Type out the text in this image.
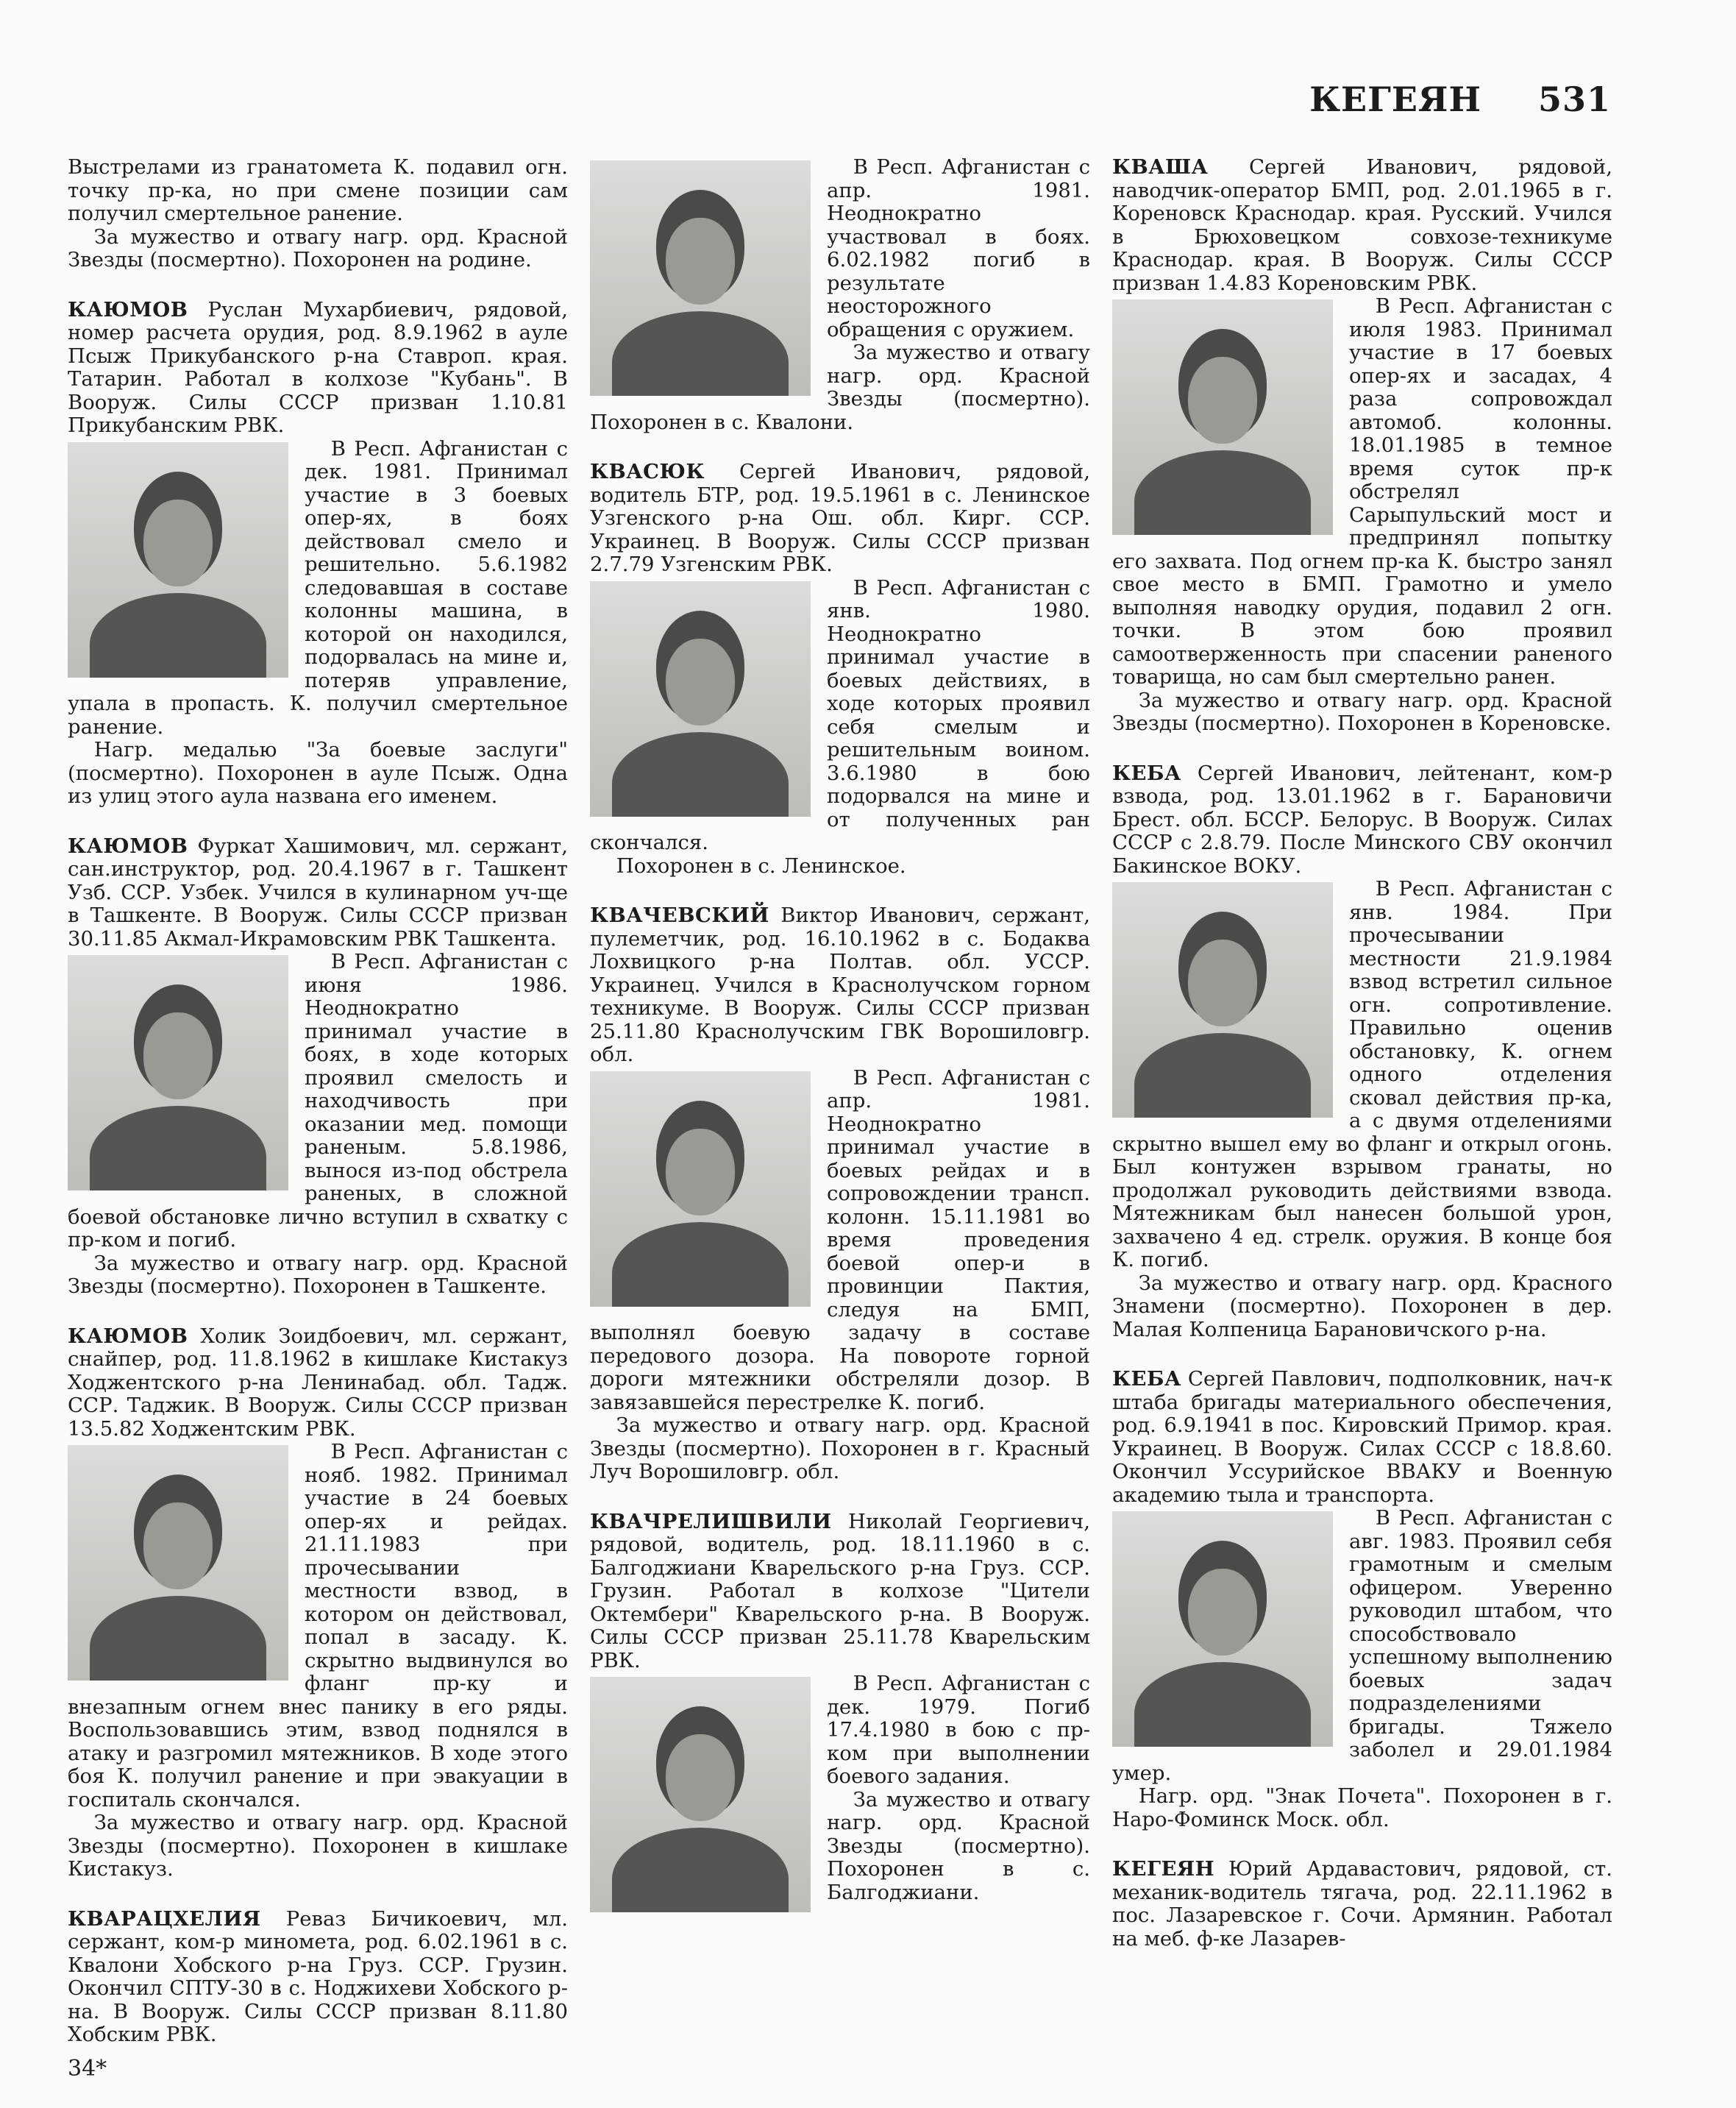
КЕГЕЯН 531

Выстрелами из гранатомета К. подавил огн. точку пр-ка, но при смене позиции сам получил смертельное ранение.

За мужество и отвагу нагр. орд. Красной Звезды (посмертно). Похоронен на родине.

КАЮМОВ Руслан Мухарбиевич, рядовой, номер расчета орудия, род. 8.9.1962 в ауле Псыж Прикубанского р-на Ставроп. края. Татарин. Работал в колхозе "Кубань". В Вооруж. Силы СССР призван 1.10.81 Прикубанским РВК.

В Респ. Афганистан с дек. 1981. Принимал участие в 3 боевых опер-ях, в боях действовал смело и решительно. 5.6.1982 следовавшая в составе колонны машина, в которой он находился, подорвалась на мине и, потеряв управление, упала в пропасть. К. получил смертельное ранение.

Нагр. медалью "За боевые заслуги" (посмертно). Похоронен в ауле Псыж. Одна из улиц этого аула названа его именем.

КАЮМОВ Фуркат Хашимович, мл. сержант, сан.инструктор, род. 20.4.1967 в г. Ташкент Узб. ССР. Узбек. Учился в кулинарном уч-ще в Ташкенте. В Вооруж. Силы СССР призван 30.11.85 Акмал-Икрамовским РВК Ташкента.

В Респ. Афганистан с июня 1986. Неоднократно принимал участие в боях, в ходе которых проявил смелость и находчивость при оказании мед. помощи раненым. 5.8.1986, вынося из-под обстрела раненых, в сложной боевой обстановке лично вступил в схватку с пр-ком и погиб.

За мужество и отвагу нагр. орд. Красной Звезды (посмертно). Похоронен в Ташкенте.

КАЮМОВ Холик Зоидбоевич, мл. сержант, снайпер, род. 11.8.1962 в кишлаке Кистакуз Ходжентского р-на Ленинабад. обл. Тадж. ССР. Таджик. В Вооруж. Силы СССР призван 13.5.82 Ходжентским РВК.

В Респ. Афганистан с нояб. 1982. Принимал участие в 24 боевых опер-ях и рейдах. 21.11.1983 при прочесывании местности взвод, в котором он действовал, попал в засаду. К. скрытно выдвинулся во фланг пр-ку и внезапным огнем внес панику в его ряды. Воспользовавшись этим, взвод поднялся в атаку и разгромил мятежников. В ходе этого боя К. получил ранение и при эвакуации в госпиталь скончался.

За мужество и отвагу нагр. орд. Красной Звезды (посмертно). Похоронен в кишлаке Кистакуз.

КВАРАЦХЕЛИЯ Реваз Бичикоевич, мл. сержант, ком-р миномета, род. 6.02.1961 в с. Квалони Хобского р-на Груз. ССР. Грузин. Окончил СПТУ-30 в с. Ноджихеви Хобского р-на. В Вооруж. Силы СССР призван 8.11.80 Хобским РВК.

В Респ. Афганистан с апр. 1981. Неоднократно участвовал в боях. 6.02.1982 погиб в результате неосторожного обращения с оружием.

За мужество и отвагу нагр. орд. Красной Звезды (посмертно). Похоронен в с. Квалони.

КВАСЮК Сергей Иванович, рядовой, водитель БТР, род. 19.5.1961 в с. Ленинское Узгенского р-на Ош. обл. Кирг. ССР. Украинец. В Вооруж. Силы СССР призван 2.7.79 Узгенским РВК.

В Респ. Афганистан с янв. 1980. Неоднократно принимал участие в боевых действиях, в ходе которых проявил себя смелым и решительным воином. 3.6.1980 в бою подорвался на мине и от полученных ран скончался.

Похоронен в с. Ленинское.

КВАЧЕВСКИЙ Виктор Иванович, сержант, пулеметчик, род. 16.10.1962 в с. Бодаква Лохвицкого р-на Полтав. обл. УССР. Украинец. Учился в Краснолучском горном техникуме. В Вооруж. Силы СССР призван 25.11.80 Краснолучским ГВК Ворошиловгр. обл.

В Респ. Афганистан с апр. 1981. Неоднократно принимал участие в боевых рейдах и в сопровождении трансп. колонн. 15.11.1981 во время проведения боевой опер-и в провинции Пактия, следуя на БМП, выполнял боевую задачу в составе передового дозора. На повороте горной дороги мятежники обстреляли дозор. В завязавшейся перестрелке К. погиб.

За мужество и отвагу нагр. орд. Красной Звезды (посмертно). Похоронен в г. Красный Луч Ворошиловгр. обл.

КВАЧРЕЛИШВИЛИ Николай Георгиевич, рядовой, водитель, род. 18.11.1960 в с. Балгоджиани Кварельского р-на Груз. ССР. Грузин. Работал в колхозе "Цители Октембери" Кварельского р-на. В Вооруж. Силы СССР призван 25.11.78 Кварельским РВК.

В Респ. Афганистан с дек. 1979. Погиб 17.4.1980 в бою с пр-ком при выполнении боевого задания.

За мужество и отвагу нагр. орд. Красной Звезды (посмертно). Похоронен в с. Балгоджиани.

КВАША Сергей Иванович, рядовой, наводчик-оператор БМП, род. 2.01.1965 в г. Кореновск Краснодар. края. Русский. Учился в Брюховецком совхозе-техникуме Краснодар. края. В Вооруж. Силы СССР призван 1.4.83 Кореновским РВК.

В Респ. Афганистан с июля 1983. Принимал участие в 17 боевых опер-ях и засадах, 4 раза сопровождал автомоб. колонны. 18.01.1985 в темное время суток пр-к обстрелял Сарыпульский мост и предпринял попытку его захвата. Под огнем пр-ка К. быстро занял свое место в БМП. Грамотно и умело выполняя наводку орудия, подавил 2 огн. точки. В этом бою проявил самоотверженность при спасении раненого товарища, но сам был смертельно ранен.

За мужество и отвагу нагр. орд. Красной Звезды (посмертно). Похоронен в Кореновске.

КЕБА Сергей Иванович, лейтенант, ком-р взвода, род. 13.01.1962 в г. Барановичи Брест. обл. БССР. Белорус. В Вооруж. Силах СССР с 2.8.79. После Минского СВУ окончил Бакинское ВОКУ.

В Респ. Афганистан с янв. 1984. При прочесывании местности 21.9.1984 взвод встретил сильное огн. сопротивление. Правильно оценив обстановку, К. огнем одного отделения сковал действия пр-ка, а с двумя отделениями скрытно вышел ему во фланг и открыл огонь. Был контужен взрывом гранаты, но продолжал руководить действиями взвода. Мятежникам был нанесен большой урон, захвачено 4 ед. стрелк. оружия. В конце боя К. погиб.

За мужество и отвагу нагр. орд. Красного Знамени (посмертно). Похоронен в дер. Малая Колпеница Барановичского р-на.

КЕБА Сергей Павлович, подполковник, нач-к штаба бригады материального обеспечения, род. 6.9.1941 в пос. Кировский Примор. края. Украинец. В Вооруж. Силах СССР с 18.8.60. Окончил Уссурийское ВВАКУ и Военную академию тыла и транспорта.

В Респ. Афганистан с авг. 1983. Проявил себя грамотным и смелым офицером. Уверенно руководил штабом, что способствовало успешному выполнению боевых задач подразделениями бригады. Тяжело заболел и 29.01.1984 умер.

Нагр. орд. "Знак Почета". Похоронен в г. Наро-Фоминск Моск. обл.

КЕГЕЯН Юрий Ардавастович, рядовой, ст. механик-водитель тягача, род. 22.11.1962 в пос. Лазаревское г. Сочи. Армянин. Работал на меб. ф-ке Лазарев-

34*
